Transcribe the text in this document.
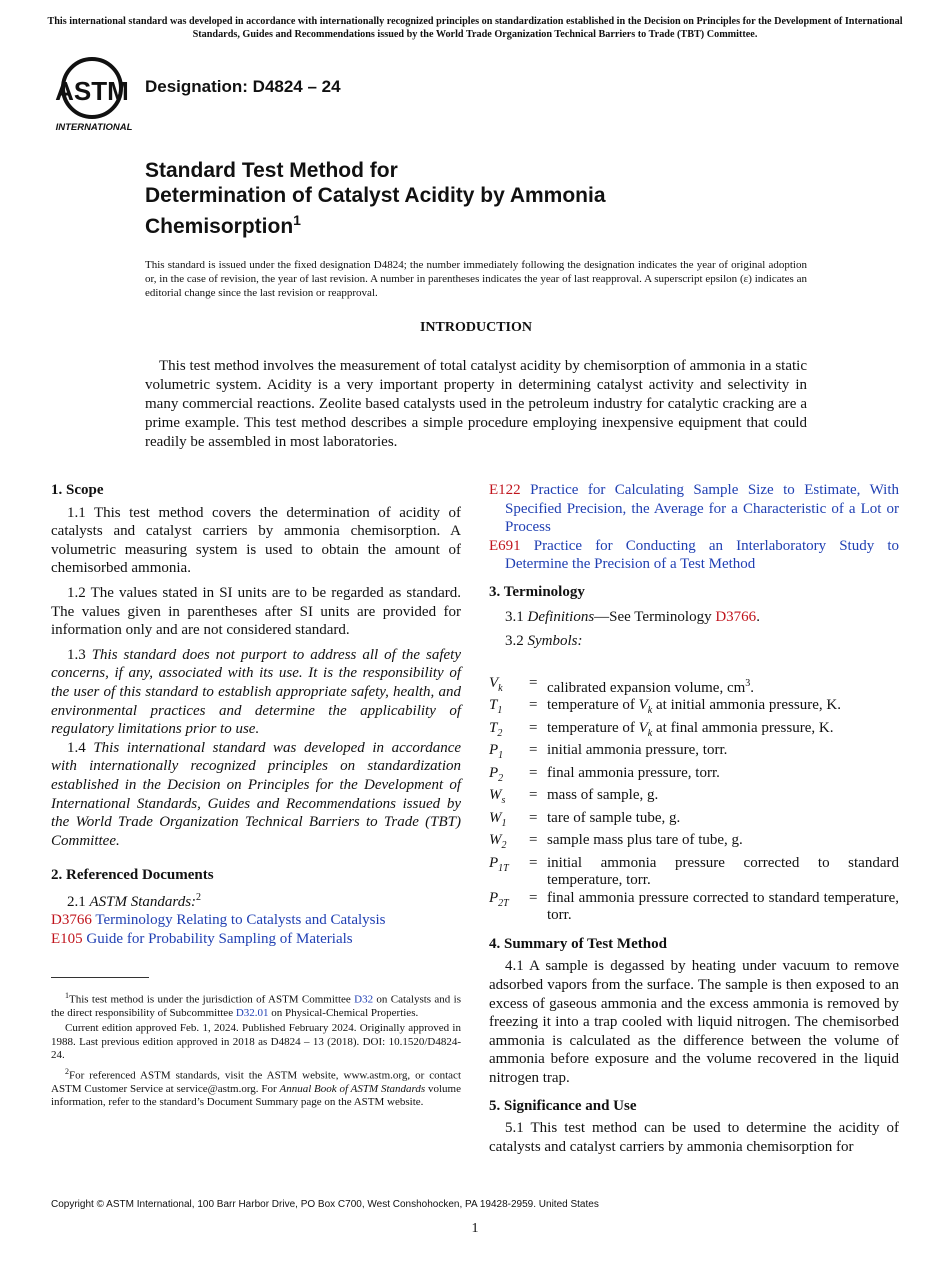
This international standard was developed in accordance with internationally recognized principles on standardization established in the Decision on Principles for the Development of International Standards, Guides and Recommendations issued by the World Trade Organization Technical Barriers to Trade (TBT) Committee.
ASTM
INTERNATIONAL
Designation: D4824 – 24
Standard Test Method for
Determination of Catalyst Acidity by Ammonia
Chemisorption$^1$
This standard is issued under the fixed designation D4824; the number immediately following the designation indicates the year of original adoption or, in the case of revision, the year of last revision. A number in parentheses indicates the year of last reapproval. A superscript epsilon (ε) indicates an editorial change since the last revision or reapproval.
INTRODUCTION
This test method involves the measurement of total catalyst acidity by chemisorption of ammonia in a static volumetric system. Acidity is a very important property in determining catalyst activity and selectivity in many commercial reactions. Zeolite based catalysts used in the petroleum industry for catalytic cracking are a prime example. This test method describes a simple procedure employing inexpensive equipment that could readily be assembled in most laboratories.
1. Scope

1.1 This test method covers the determination of acidity of catalysts and catalyst carriers by ammonia chemisorption. A volumetric measuring system is used to obtain the amount of chemisorbed ammonia.

1.2 The values stated in SI units are to be regarded as standard. The values given in parentheses after SI units are provided for information only and are not considered standard.

1.3 This standard does not purport to address all of the safety concerns, if any, associated with its use. It is the responsibility of the user of this standard to establish appropriate safety, health, and environmental practices and determine the applicability of regulatory limitations prior to use.

1.4 This international standard was developed in accordance with internationally recognized principles on standardization established in the Decision on Principles for the Development of International Standards, Guides and Recommendations issued by the World Trade Organization Technical Barriers to Trade (TBT) Committee.

2. Referenced Documents
2.1 ASTM Standards:$^2$
D3766 Terminology Relating to Catalysts and Catalysis
E105 Guide for Probability Sampling of Materials

$^1$This test method is under the jurisdiction of ASTM Committee D32 on Catalysts and is the direct responsibility of Subcommittee D32.01 on Physical-Chemical Properties.

Current edition approved Feb. 1, 2024. Published February 2024. Originally approved in 1988. Last previous edition approved in 2018 as D4824 – 13 (2018). DOI: 10.1520/D4824-24.

$^2$For referenced ASTM standards, visit the ASTM website, www.astm.org, or contact ASTM Customer Service at service@astm.org. For Annual Book of ASTM Standards volume information, refer to the standard’s Document Summary page on the ASTM website.

E122 Practice for Calculating Sample Size to Estimate, With Specified Precision, the Average for a Characteristic of a Lot or Process
E691 Practice for Conducting an Interlaboratory Study to Determine the Precision of a Test Method
3. Terminology
3.1 Definitions—See Terminology D3766.
3.2 Symbols:
$V_k$	=	calibrated expansion volume, $cm^3$.
$T_1$	=	temperature of $V_k$ at initial ammonia pressure, K.
$T_2$	=	temperature of $V_k$ at final ammonia pressure, K.
$P_1$	=	initial ammonia pressure, torr.
$P_2$	=	final ammonia pressure, torr.
$W_s$	=	mass of sample, g.
$W_1$	=	tare of sample tube, g.
$W_2$	=	sample mass plus tare of tube, g.
$P_{1T}$	=	initial ammonia pressure corrected to standard temperature, torr.
$P_{2T}$	=	final ammonia pressure corrected to standard temperature, torr.
4. Summary of Test Method

4.1 A sample is degassed by heating under vacuum to remove adsorbed vapors from the surface. The sample is then exposed to an excess of gaseous ammonia and the excess ammonia is removed by freezing it into a trap cooled with liquid nitrogen. The chemisorbed ammonia is calculated as the difference between the volume of ammonia before exposure and the volume recovered in the liquid nitrogen trap.

5. Significance and Use

5.1 This test method can be used to determine the acidity of catalysts and catalyst carriers by ammonia chemisorption for

Copyright © ASTM International, 100 Barr Harbor Drive, PO Box C700, West Conshohocken, PA 19428-2959. United States
1
